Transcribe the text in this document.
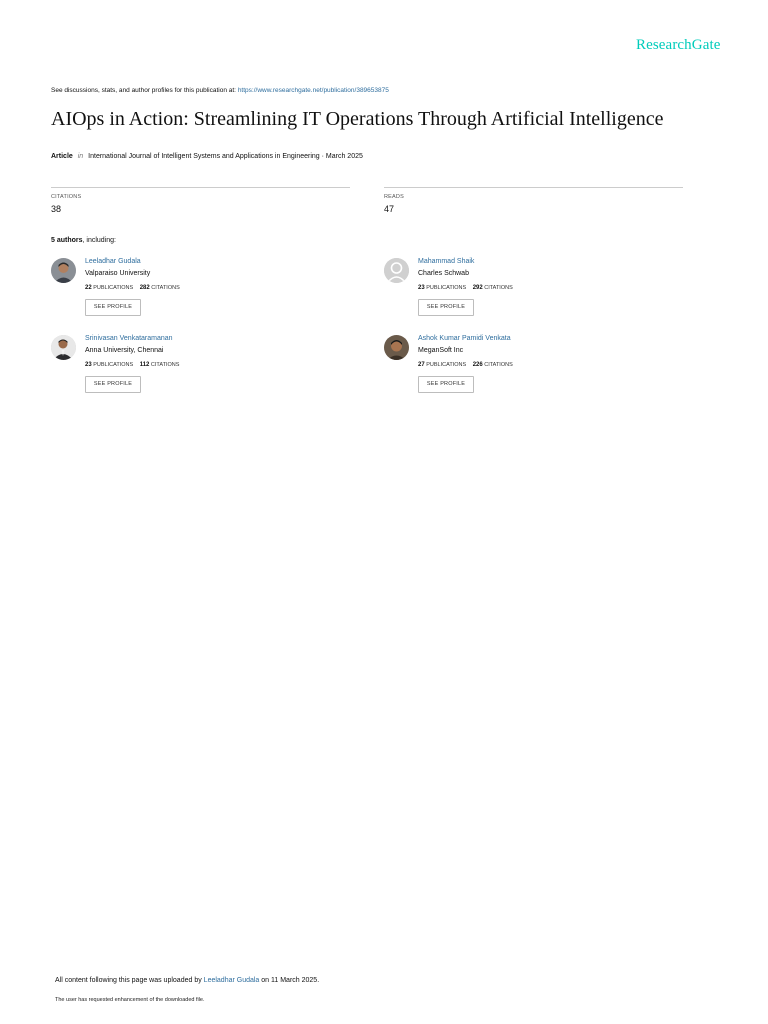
ResearchGate
See discussions, stats, and author profiles for this publication at: https://www.researchgate.net/publication/389653875
AIOps in Action: Streamlining IT Operations Through Artificial Intelligence
Article in International Journal of Intelligent Systems and Applications in Engineering · March 2025
CITATIONS
38
READS
47
5 authors, including:
Leeladhar Gudala
Valparaiso University
22 PUBLICATIONS 282 CITATIONS
SEE PROFILE
Mahammad Shaik
Charles Schwab
23 PUBLICATIONS 292 CITATIONS
SEE PROFILE
Srinivasan Venkataramanan
Anna University, Chennai
23 PUBLICATIONS 112 CITATIONS
SEE PROFILE
Ashok Kumar Pamidi Venkata
MeganSoft Inc
27 PUBLICATIONS 226 CITATIONS
SEE PROFILE
All content following this page was uploaded by Leeladhar Gudala on 11 March 2025.
The user has requested enhancement of the downloaded file.
